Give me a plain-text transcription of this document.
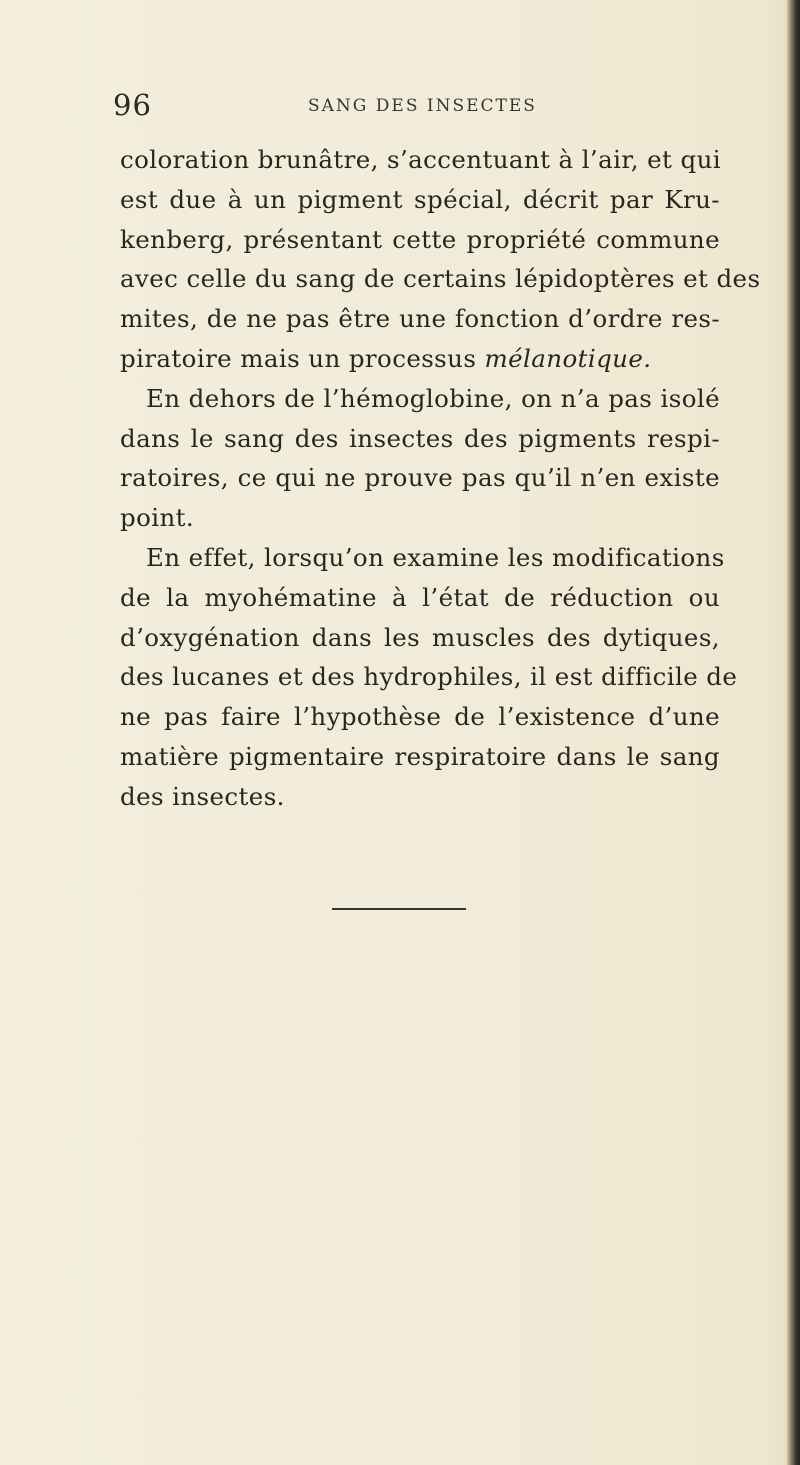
96	SANG DES INSECTES
coloration brunâtre, s’accentuant à l’air, et qui
est due à un pigment spécial, décrit par Kru-
kenberg, présentant cette propriété commune
avec celle du sang de certains lépidoptères et des
mites, de ne pas être une fonction d’ordre res-
piratoire mais un processus mélanotique.
En dehors de l’hémoglobine, on n’a pas isolé
dans le sang des insectes des pigments respi-
ratoires, ce qui ne prouve pas qu’il n’en existe
point.
En effet, lorsqu’on examine les modifications
de la myohématine à l’état de réduction ou
d’oxygénation dans les muscles des dytiques,
des lucanes et des hydrophiles, il est difficile de
ne pas faire l’hypothèse de l’existence d’une
matière pigmentaire respiratoire dans le sang
des insectes.
